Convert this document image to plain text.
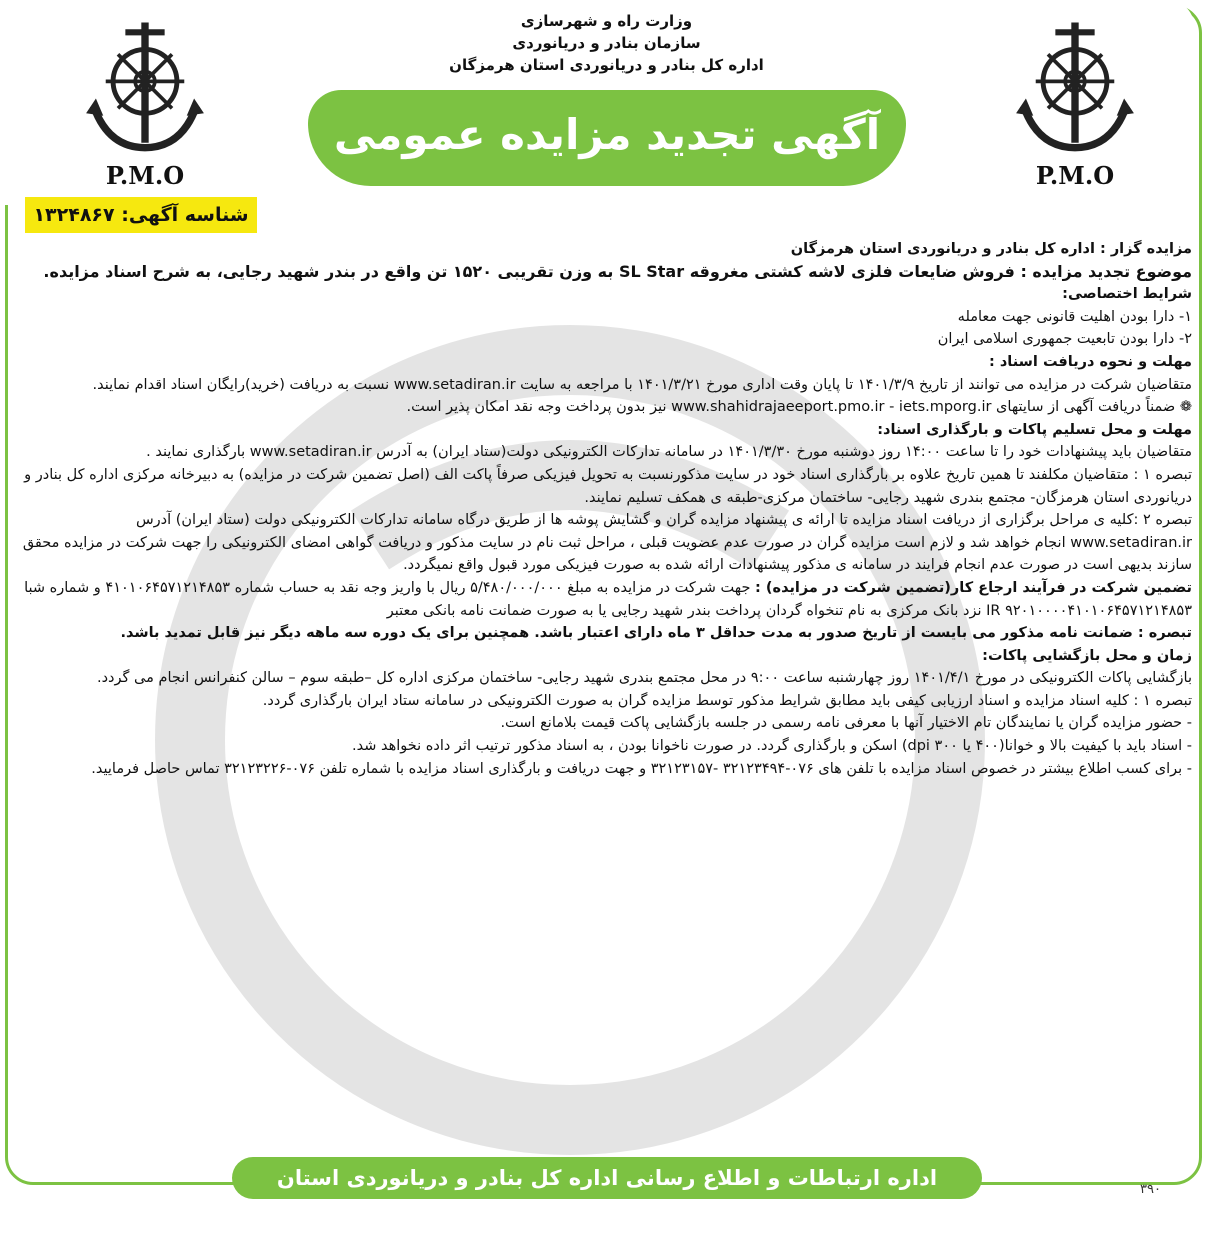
وزارت راه و شهرسازی
سازمان بنادر و دریانوردی
اداره کل بنادر و دریانوردی استان هرمزگان
آگهی تجدید مزایده عمومی
P.M.O	P.M.O
شناسه آگهی: ۱۳۲۴۸۶۷

مزایده گزار : اداره کل بنادر و دریانوردی استان هرمزگان

موضوع تجدید مزایده : فروش ضایعات فلزی لاشه کشتی مغروقه SL Star به وزن تقریبی ۱۵۲۰ تن واقع در بندر شهید رجایی، به شرح اسناد مزایده.

شرایط اختصاصی:

۱- دارا بودن اهلیت قانونی جهت معامله

۲- دارا بودن تابعیت جمهوری اسلامی ایران

مهلت و نحوه دریافت اسناد :

متقاضیان شرکت در مزایده می توانند از تاریخ ۱۴۰۱/۳/۹ تا پایان وقت اداری مورخ ۱۴۰۱/۳/۲۱ با مراجعه به سایت www.setadiran.ir نسبت به دریافت (خرید)رایگان اسناد اقدام نمایند.

❁ ضمناً دریافت آگهی از سایتهای www.shahidrajaeeport.pmo.ir - iets.mporg.ir نیز بدون پرداخت وجه نقد امکان پذیر است.

مهلت و محل تسلیم پاکات و بارگذاری اسناد:

متقاضیان باید پیشنهادات خود را تا ساعت ۱۴:۰۰ روز دوشنبه مورخ ۱۴۰۱/۳/۳۰ در سامانه تدارکات الکترونیکی دولت(ستاد ایران) به آدرس www.setadiran.ir بارگذاری نمایند .

تبصره ۱ : متقاضیان مکلفند تا همین تاریخ علاوه بر بارگذاری اسناد خود در سایت مذکورنسبت به تحویل فیزیکی صرفاً پاکت الف (اصل تضمین شرکت در مزایده) به دبیرخانه مرکزی اداره کل بنادر و دریانوردی استان هرمزگان- مجتمع بندری شهید رجایی- ساختمان مرکزی-طبقه ی همکف تسلیم نمایند.

تبصره ۲ :کلیه ی مراحل برگزاری از دریافت اسناد مزایده تا ارائه ی پیشنهاد مزایده گران و گشایش پوشه ها از طریق درگاه سامانه تدارکات الکترونیکی دولت (ستاد ایران) آدرس www.setadiran.ir انجام خواهد شد و لازم است مزایده گران در صورت عدم عضویت قبلی ، مراحل ثبت نام در سایت مذکور و دریافت گواهی امضای الکترونیکی را جهت شرکت در مزایده محقق سازند بدیهی است در صورت عدم انجام فرایند در سامانه ی مذکور پیشنهادات ارائه شده به صورت فیزیکی مورد قبول واقع نمیگردد.

تضمین شرکت در فرآیند ارجاع کار(تضمین شرکت در مزایده) : جهت شرکت در مزایده به مبلغ ۵/۴۸۰/۰۰۰/۰۰۰ ریال با واریز وجه نقد به حساب شماره ۴۱۰۱۰۶۴۵۷۱۲۱۴۸۵۳ و شماره شبا IR ۹۲۰۱۰۰۰۰۴۱۰۱۰۶۴۵۷۱۲۱۴۸۵۳ نزد بانک مرکزی به نام تنخواه گردان پرداخت بندر شهید رجایی یا به صورت ضمانت نامه بانکی معتبر

تبصره : ضمانت نامه مذکور می بایست از تاریخ صدور به مدت حداقل ۳ ماه دارای اعتبار باشد. همچنین برای یک دوره سه ماهه دیگر نیز قابل تمدید باشد.

زمان و محل بازگشایی پاکات:

بازگشایی پاکات الکترونیکی در مورخ ۱۴۰۱/۴/۱ روز چهارشنبه ساعت ۹:۰۰ در محل مجتمع بندری شهید رجایی- ساختمان مرکزی اداره کل –طبقه سوم – سالن کنفرانس انجام می گردد.

تبصره ۱ : کلیه اسناد مزایده و اسناد ارزیابی کیفی باید مطابق شرایط مذکور توسط مزایده گران به صورت الکترونیکی در سامانه ستاد ایران بارگذاری گردد.

- حضور مزایده گران یا نمایندگان تام الاختیار آنها با معرفی نامه رسمی در جلسه بازگشایی پاکت قیمت بلامانع است.

- اسناد باید با کیفیت بالا و خوانا(۴۰۰ یا ۳۰۰ dpi) اسکن و بارگذاری گردد. در صورت ناخوانا بودن ، به اسناد مذکور ترتیب اثر داده نخواهد شد.

- برای کسب اطلاع بیشتر در خصوص اسناد مزایده با تلفن های ۰۷۶-۳۲۱۲۳۴۹۴ -۳۲۱۲۳۱۵۷ و جهت دریافت و بارگذاری اسناد مزایده با شماره تلفن ۰۷۶-۳۲۱۲۳۲۲۶ تماس حاصل فرمایید.

اداره ارتباطات و اطلاع رسانی اداره کل بنادر و دریانوردی استان هرمزگان
۳۹۰
